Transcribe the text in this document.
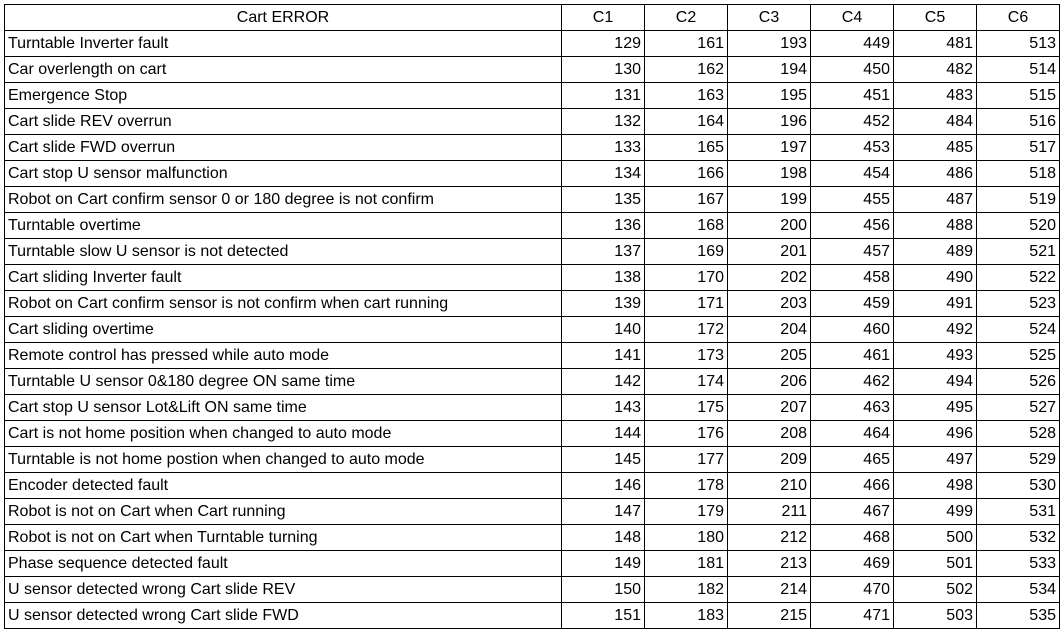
Cart ERROR	C1	C2	C3	C4	C5	C6
Turntable Inverter fault	129	161	193	449	481	513
Car overlength on cart	130	162	194	450	482	514
Emergence Stop	131	163	195	451	483	515
Cart slide REV overrun	132	164	196	452	484	516
Cart slide FWD overrun	133	165	197	453	485	517
Cart stop U sensor malfunction	134	166	198	454	486	518
Robot on Cart confirm sensor 0 or 180 degree is not confirm	135	167	199	455	487	519
Turntable overtime	136	168	200	456	488	520
Turntable slow U sensor is not detected	137	169	201	457	489	521
Cart sliding Inverter fault	138	170	202	458	490	522
Robot on Cart confirm sensor is not confirm when cart running	139	171	203	459	491	523
Cart sliding overtime	140	172	204	460	492	524
Remote control has pressed while auto mode	141	173	205	461	493	525
Turntable U sensor 0&180 degree ON same time	142	174	206	462	494	526
Cart stop U sensor Lot&Lift ON same time	143	175	207	463	495	527
Cart is not home position when changed to auto mode	144	176	208	464	496	528
Turntable is not home postion when changed to auto mode	145	177	209	465	497	529
Encoder detected fault	146	178	210	466	498	530
Robot is not on Cart when Cart running	147	179	211	467	499	531
Robot is not on Cart when Turntable turning	148	180	212	468	500	532
Phase sequence detected fault	149	181	213	469	501	533
U sensor detected wrong Cart slide REV	150	182	214	470	502	534
U sensor detected wrong Cart slide FWD	151	183	215	471	503	535
